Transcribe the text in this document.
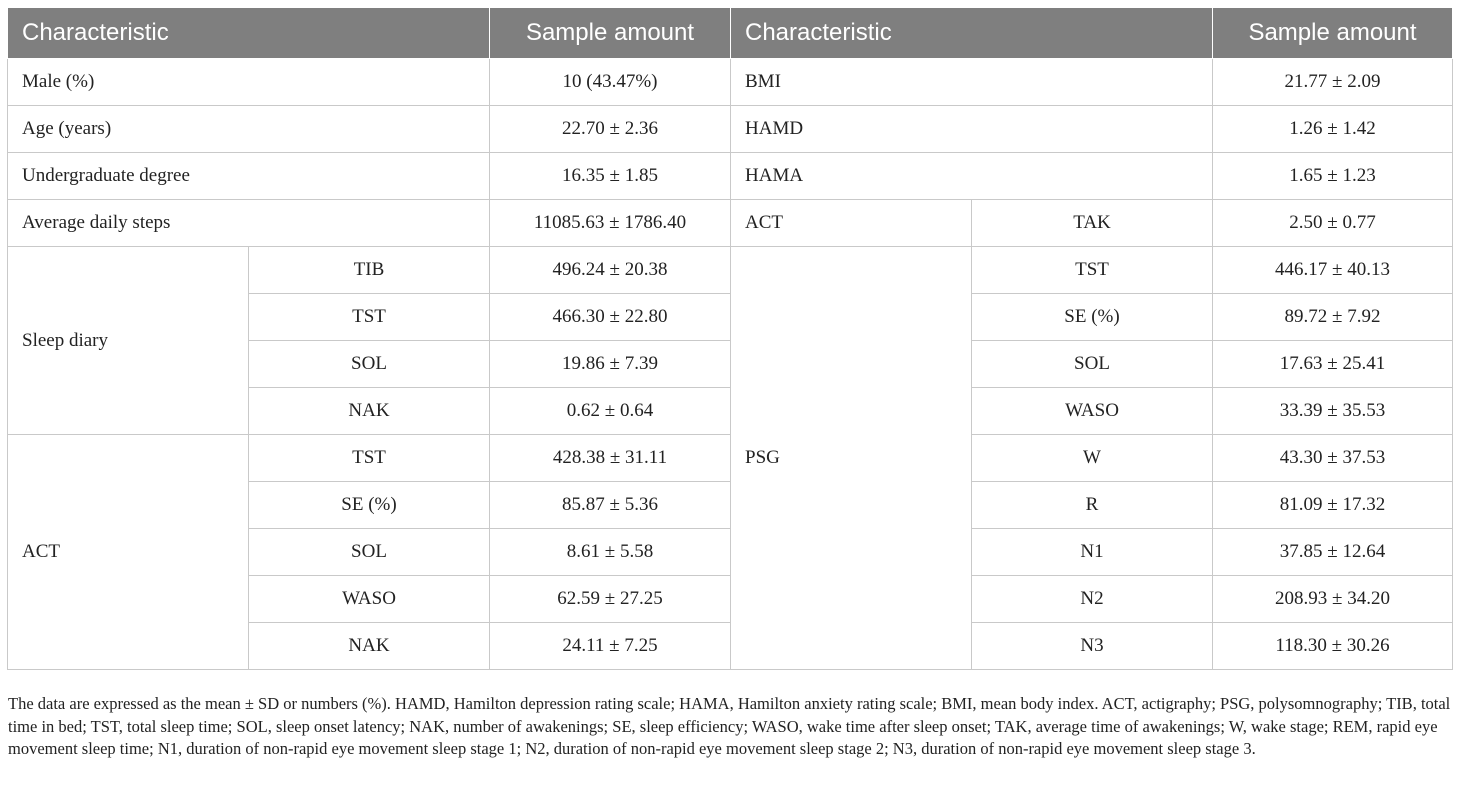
Characteristic		Sample amount	Characteristic		Sample amount
Male (%)		10 (43.47%)	BMI		21.77 ± 2.09
Age (years)		22.70 ± 2.36	HAMD		1.26 ± 1.42
Undergraduate degree		16.35 ± 1.85	HAMA		1.65 ± 1.23
Average daily steps		11085.63 ± 1786.40	ACT	TAK	2.50 ± 0.77
Sleep diary	TIB	496.24 ± 20.38	PSG	TST	446.17 ± 40.13
	TST	466.30 ± 22.80		SE (%)	89.72 ± 7.92
	SOL	19.86 ± 7.39		SOL	17.63 ± 25.41
	NAK	0.62 ± 0.64		WASO	33.39 ± 35.53
ACT	TST	428.38 ± 31.11		W	43.30 ± 37.53
	SE (%)	85.87 ± 5.36		R	81.09 ± 17.32
	SOL	8.61 ± 5.58		N1	37.85 ± 12.64
	WASO	62.59 ± 27.25		N2	208.93 ± 34.20
	NAK	24.11 ± 7.25		N3	118.30 ± 30.26

The data are expressed as the mean ± SD or numbers (%). HAMD, Hamilton depression rating scale; HAMA, Hamilton anxiety rating scale; BMI, mean body index. ACT, actigraphy; PSG, polysomnography; TIB, total time in bed; TST, total sleep time; SOL, sleep onset latency; NAK, number of awakenings; SE, sleep efficiency; WASO, wake time after sleep onset; TAK, average time of awakenings; W, wake stage; REM, rapid eye movement sleep time; N1, duration of non-rapid eye movement sleep stage 1; N2, duration of non-rapid eye movement sleep stage 2; N3, duration of non-rapid eye movement sleep stage 3.
